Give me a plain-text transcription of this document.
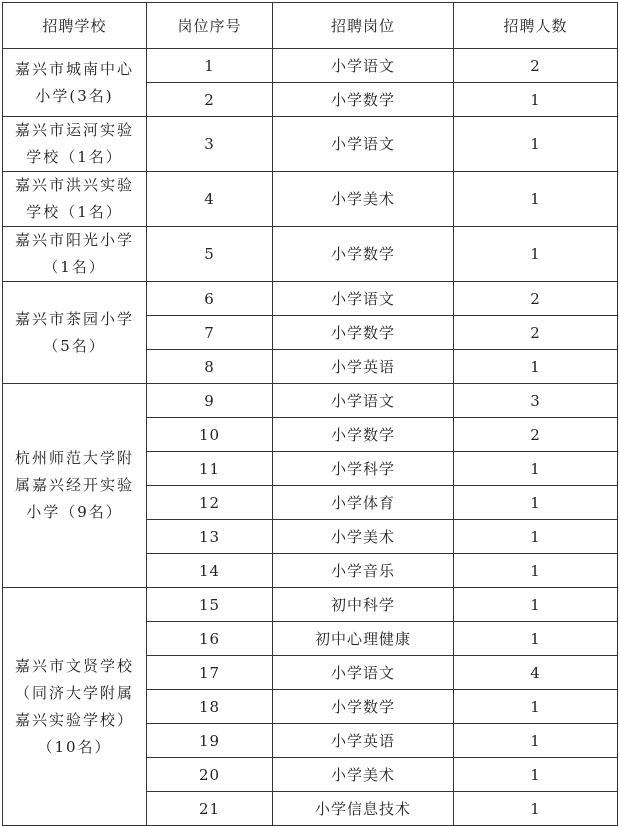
招聘学校	岗位序号	招聘岗位	招聘人数

嘉兴市城南中心
小学(3名)	1	小学语文	2
	2	小学数学	1

嘉兴市运河实验
学校（1名）	3	小学语文	1

嘉兴市洪兴实验
学校（1名）	4	小学美术	1

嘉兴市阳光小学
（1名）	5	小学数学	1

嘉兴市茶园小学
（5名）	6	小学语文	2
	7	小学数学	2
	8	小学英语	1

杭州师范大学附
属嘉兴经开实验
小学（9名）	9	小学语文	3
	10	小学数学	2
	11	小学科学	1
	12	小学体育	1
	13	小学美术	1
	14	小学音乐	1

嘉兴市文贤学校
（同济大学附属
嘉兴实验学校）
（10名）	15	初中科学	1
	16	初中心理健康	1
	17	小学语文	4
	18	小学数学	1
	19	小学英语	1
	20	小学美术	1
	21	小学信息技术	1
